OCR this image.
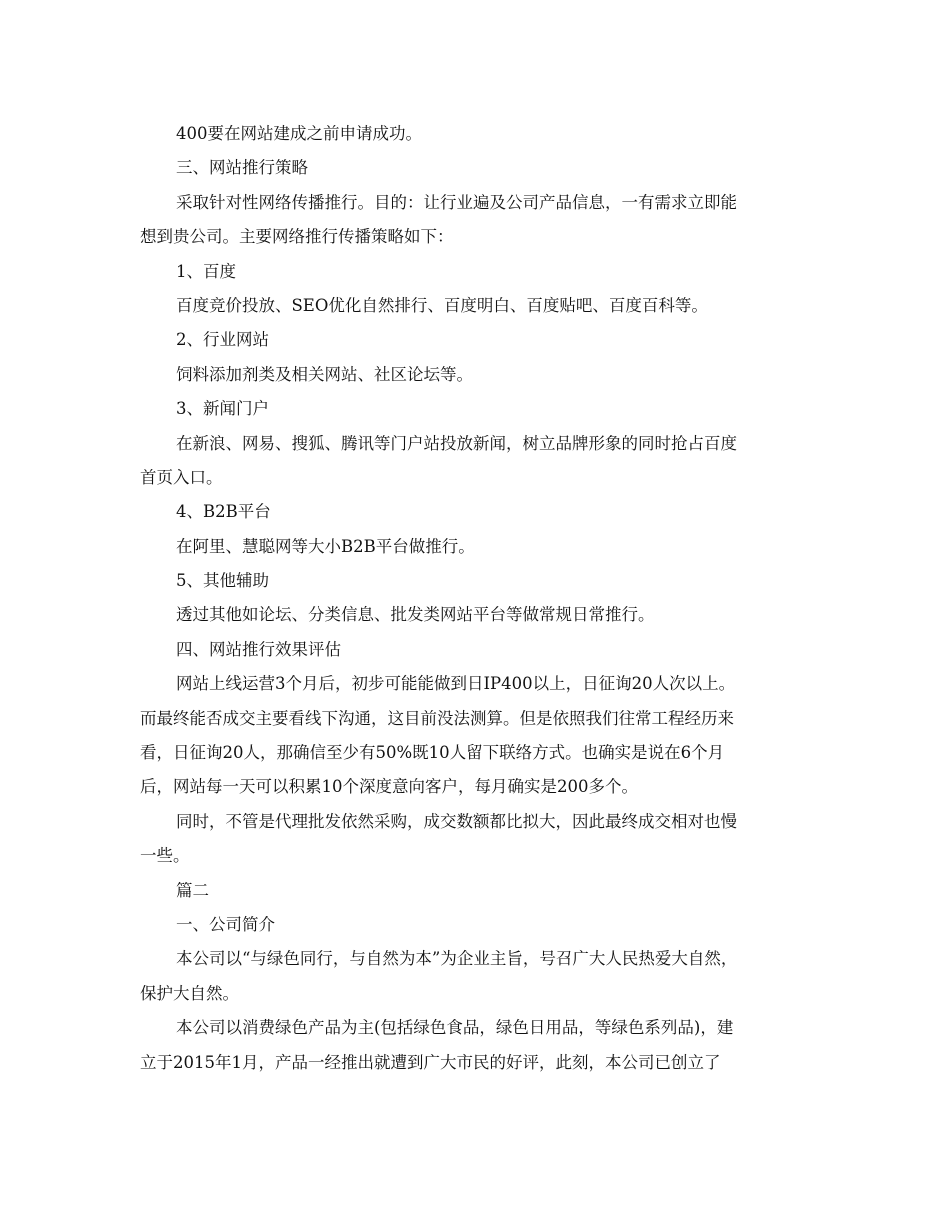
400要在网站建成之前申请成功。
三、网站推行策略
采取针对性网络传播推行。目的：让行业遍及公司产品信息，一有需求立即能
想到贵公司。主要网络推行传播策略如下：
1、百度
百度竞价投放、SEO优化自然排行、百度明白、百度贴吧、百度百科等。
2、行业网站
饲料添加剂类及相关网站、社区论坛等。
3、新闻门户
在新浪、网易、搜狐、腾讯等门户站投放新闻，树立品牌形象的同时抢占百度
首页入口。
4、B2B平台
在阿里、慧聪网等大小B2B平台做推行。
5、其他辅助
透过其他如论坛、分类信息、批发类网站平台等做常规日常推行。
四、网站推行效果评估
网站上线运营3个月后，初步可能能做到日IP400以上，日征询20人次以上。
而最终能否成交主要看线下沟通，这目前没法测算。但是依照我们往常工程经历来
看，日征询20人，那确信至少有50%既10人留下联络方式。也确实是说在6个月
后，网站每一天可以积累10个深度意向客户，每月确实是200多个。
同时，不管是代理批发依然采购，成交数额都比拟大，因此最终成交相对也慢
一些。
篇二
一、公司简介
本公司以“与绿色同行，与自然为本”为企业主旨，号召广大人民热爱大自然，
保护大自然。
本公司以消费绿色产品为主(包括绿色食品，绿色日用品，等绿色系列品)，建
立于2015年1月，产品一经推出就遭到广大市民的好评，此刻，本公司已创立了
